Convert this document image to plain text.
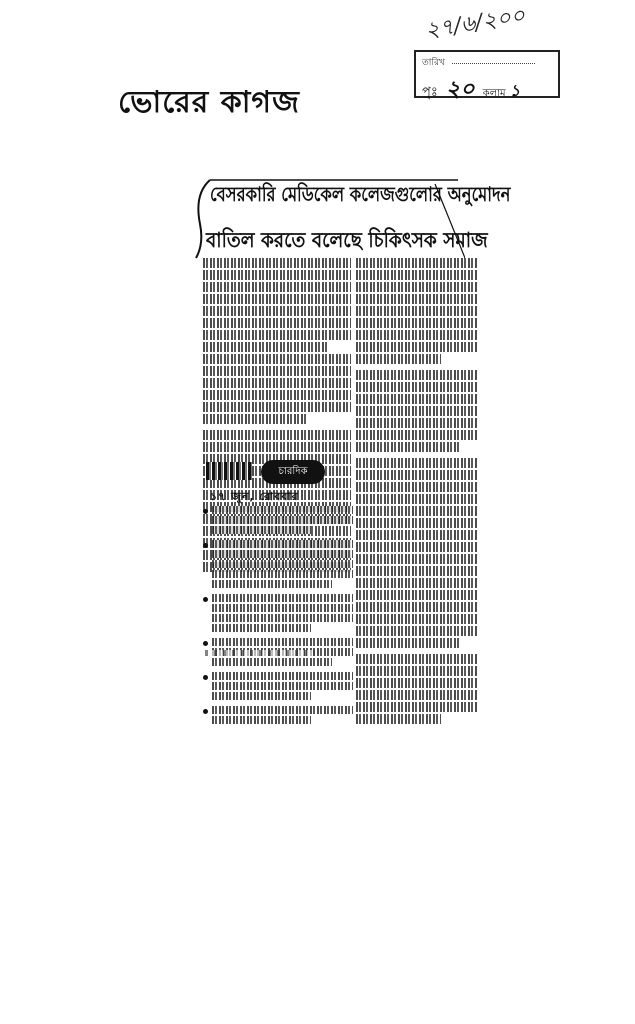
ভোরের কাগজ
২৭/৬/২০০
তারিখ
পৃঃ ২০ কলাম ১
বেসরকারি মেডিকেল কলেজগুলোর অনুমোদন
বাতিল করতে বলেছে চিকিৎসক সমাজ
চারদিক
১৭ জুন, রোববার
